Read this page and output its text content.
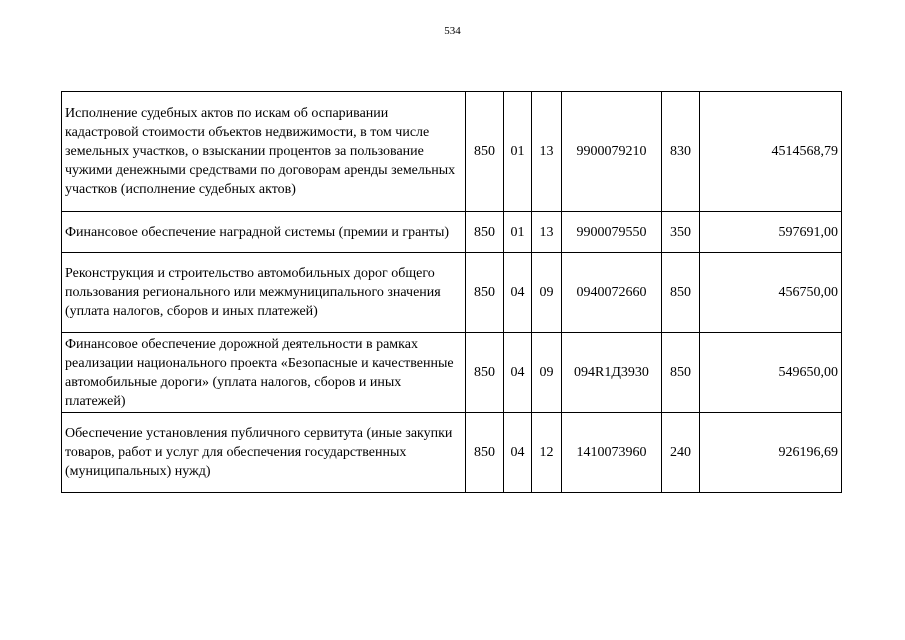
534
Исполнение судебных актов по искам об оспаривании кадастровой стоимости объектов недвижимости, в том числе земельных участков, о взыскании процентов за пользование чужими денежными средствами по договорам аренды земельных участков (исполнение судебных актов)	850	01	13	9900079210	830	4514568,79
Финансовое обеспечение наградной системы (премии и гранты)	850	01	13	9900079550	350	597691,00
Реконструкция и строительство автомобильных дорог общего пользования регионального или межмуниципального значения (уплата налогов, сборов и иных платежей)	850	04	09	0940072660	850	456750,00
Финансовое обеспечение дорожной деятельности в рамках реализации национального проекта «Безопасные и качественные автомобильные дороги» (уплата налогов, сборов и иных платежей)	850	04	09	094R1Д3930	850	549650,00
Обеспечение установления публичного сервитута (иные закупки товаров, работ и услуг для обеспечения государственных (муниципальных) нужд)	850	04	12	1410073960	240	926196,69
